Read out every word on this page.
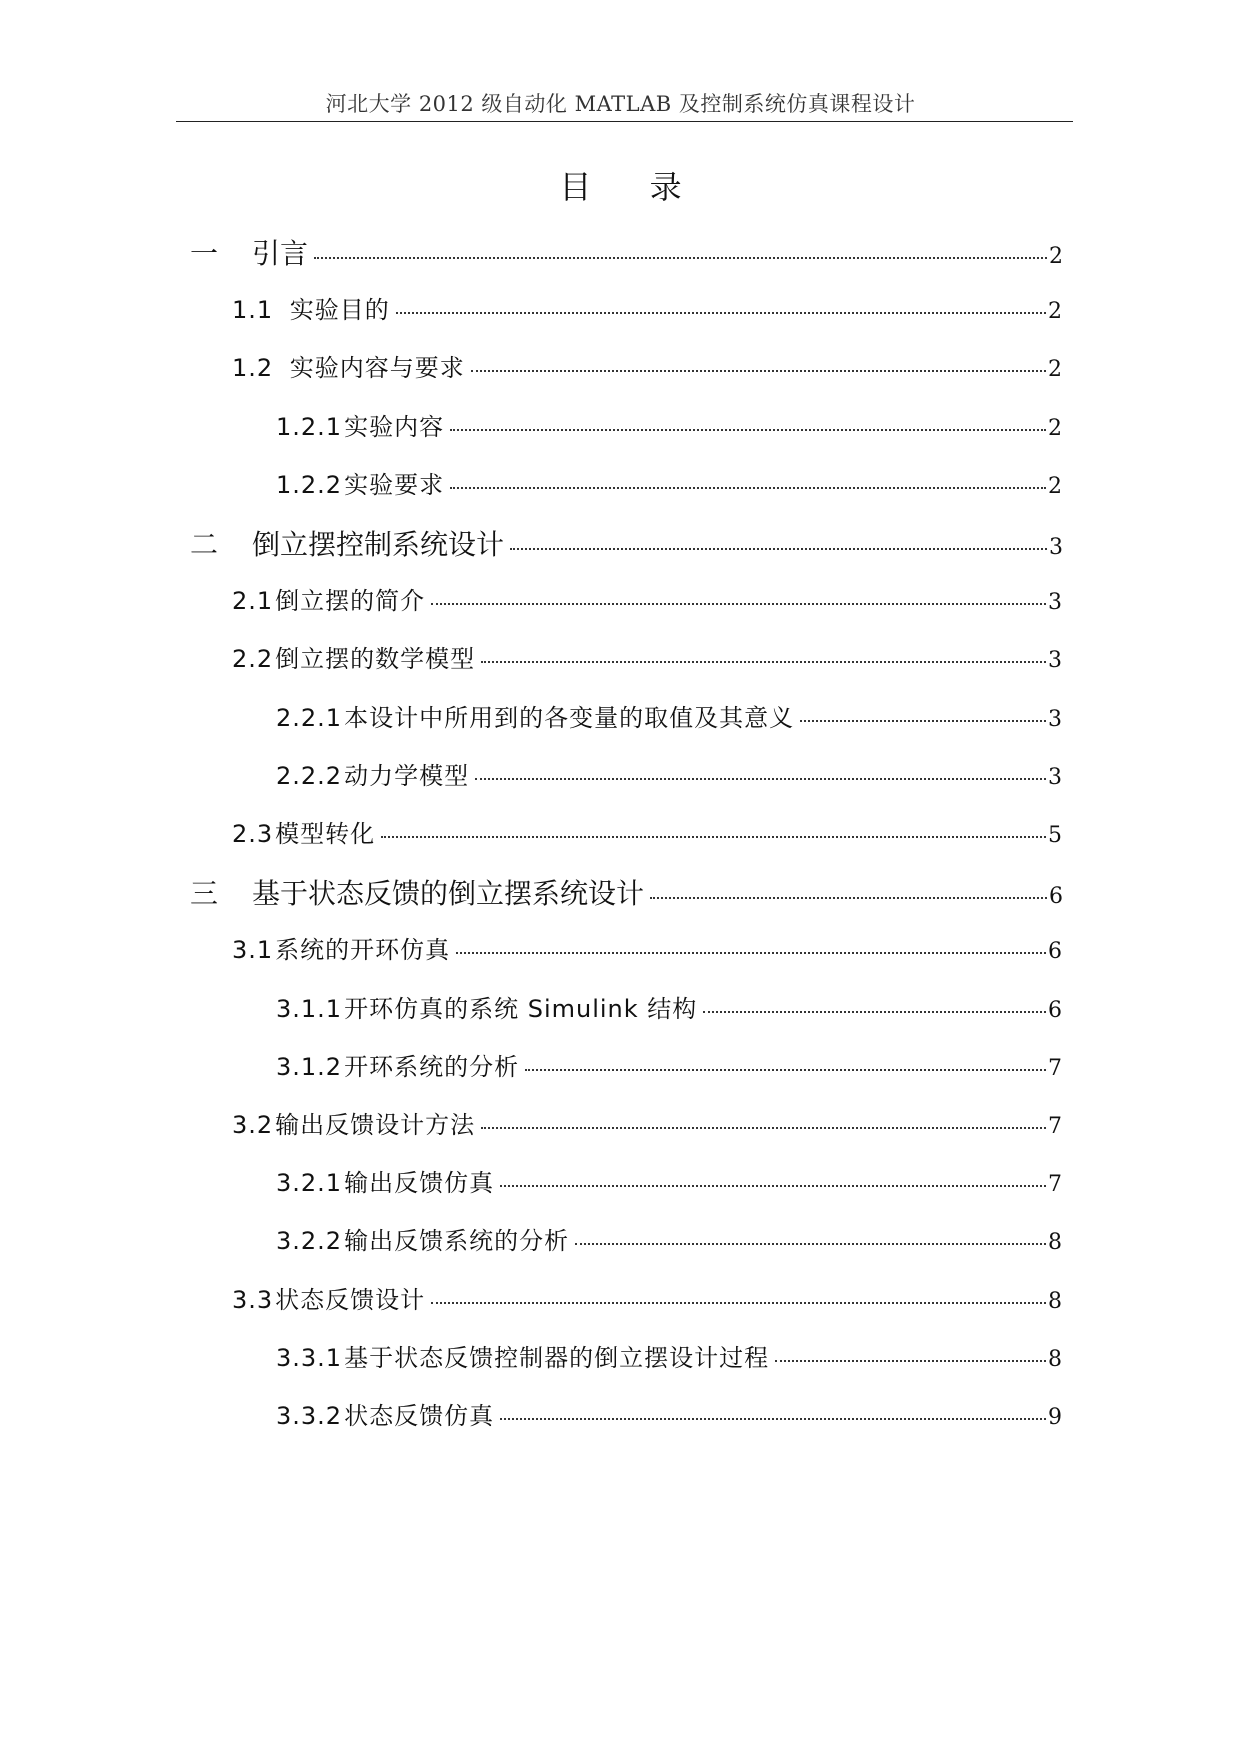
河北大学 2012 级自动化 MATLAB 及控制系统仿真课程设计
目 录
一	引言	2
1.1 实验目的	2
1.2 实验内容与要求	2
1.2.1 实验内容	2
1.2.2 实验要求	2
二	倒立摆控制系统设计	3
2.1 倒立摆的简介	3
2.2 倒立摆的数学模型	3
2.2.1 本设计中所用到的各变量的取值及其意义	3
2.2.2 动力学模型	3
2.3 模型转化	5
三	基于状态反馈的倒立摆系统设计	6
3.1 系统的开环仿真	6
3.1.1 开环仿真的系统 Simulink 结构	6
3.1.2 开环系统的分析	7
3.2 输出反馈设计方法	7
3.2.1 输出反馈仿真	7
3.2.2 输出反馈系统的分析	8
3.3 状态反馈设计	8
3.3.1 基于状态反馈控制器的倒立摆设计过程	8
3.3.2 状态反馈仿真	9
